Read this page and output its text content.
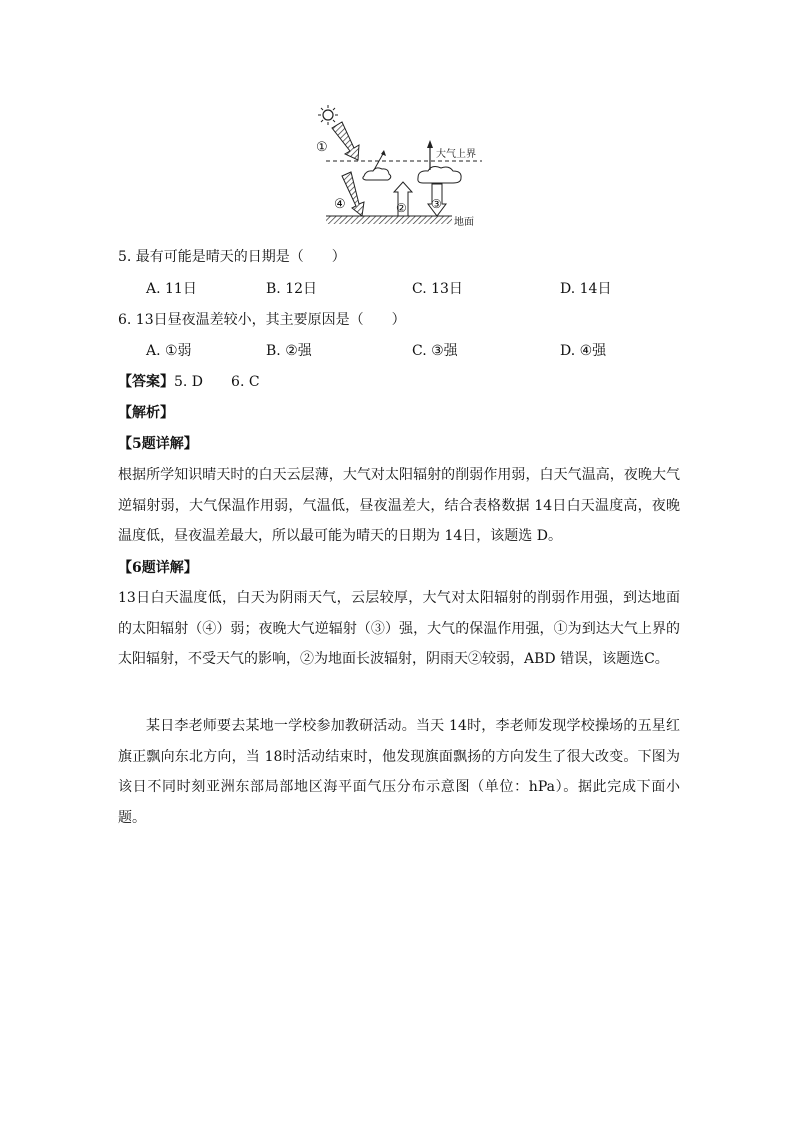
大气上界
地面
①
② ③
④
5. 最有可能是晴天的日期是（　　）
A. 11日	B. 12日	C. 13日	D. 14日
6. 13日昼夜温差较小，其主要原因是（　　）
A. ①弱	B. ②强	C. ③强	D. ④强
【答案】5. D　　6. C
【解析】
【5题详解】
根据所学知识晴天时的白天云层薄，大气对太阳辐射的削弱作用弱，白天气温高，夜晚大气逆辐射弱，大气保温作用弱，气温低，昼夜温差大，结合表格数据 14日白天温度高，夜晚温度低，昼夜温差最大，所以最可能为晴天的日期为 14日，该题选 D。
【6题详解】
13日白天温度低，白天为阴雨天气，云层较厚，大气对太阳辐射的削弱作用强，到达地面的太阳辐射（④）弱；夜晚大气逆辐射（③）强，大气的保温作用强，①为到达大气上界的太阳辐射，不受天气的影响，②为地面长波辐射，阴雨天②较弱，ABD 错误，该题选C。
某日李老师要去某地一学校参加教研活动。当天 14时，李老师发现学校操场的五星红旗正飘向东北方向，当 18时活动结束时，他发现旗面飘扬的方向发生了很大改变。下图为该日不同时刻亚洲东部局部地区海平面气压分布示意图（单位：hPa）。据此完成下面小题。
